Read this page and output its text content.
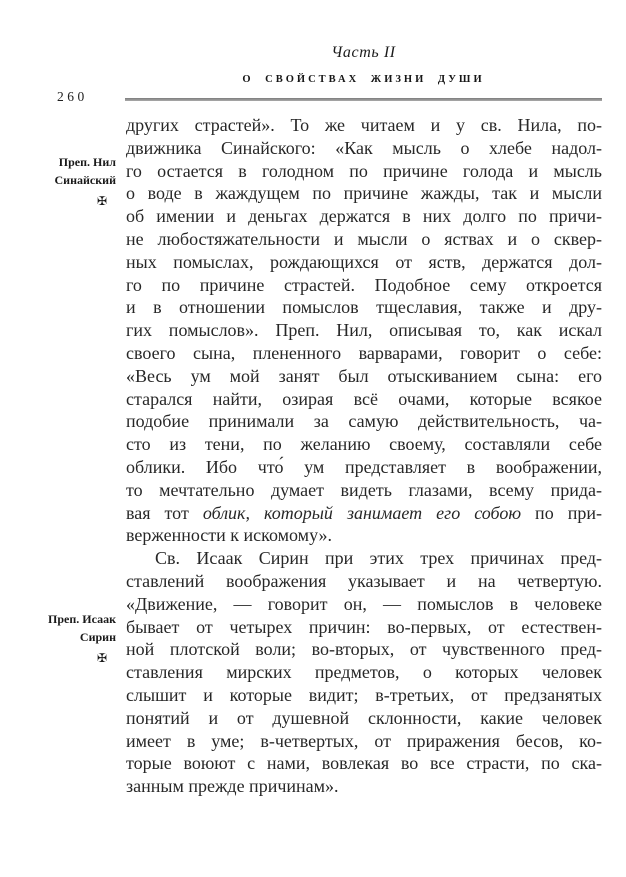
Часть II
О СВОЙСТВАХ ЖИЗНИ ДУШИ
260
Преп. Нил
Синайский
✠
Преп. Исаак
Сирин
✠
других страстей». То же читаем и у св. Нила, по-
движника Синайского: «Как мысль о хлебе надол-
го остается в голодном по причине голода и мысль
о воде в жаждущем по причине жажды, так и мысли
об имении и деньгах держатся в них долго по причи-
не любостяжательности и мысли о яствах и о сквер-
ных помыслах, рождающихся от яств, держатся дол-
го по причине страстей. Подобное сему откроется
и в отношении помыслов тщеславия, также и дру-
гих помыслов». Преп. Нил, описывая то, как искал
своего сына, плененного варварами, говорит о себе:
«Весь ум мой занят был отыскиванием сына: его
старался найти, озирая всё очами, которые всякое
подобие принимали за самую действительность, ча-
сто из тени, по желанию своему, составляли себе
облики. Ибо что́ ум представляет в воображении,
то мечтательно думает видеть глазами, всему прида-
вая тот облик, который занимает его собою по при-
верженности к искомому».
Св. Исаак Сирин при этих трех причинах пред-
ставлений воображения указывает и на четвертую.
«Движение, — говорит он, — помыслов в человеке
бывает от четырех причин: во-первых, от естествен-
ной плотской воли; во-вторых, от чувственного пред-
ставления мирских предметов, о которых человек
слышит и которые видит; в-третьих, от предзанятых
понятий и от душевной склонности, какие человек
имеет в уме; в-четвертых, от приражения бесов, ко-
торые воюют с нами, вовлекая во все страсти, по ска-
занным прежде причинам».
